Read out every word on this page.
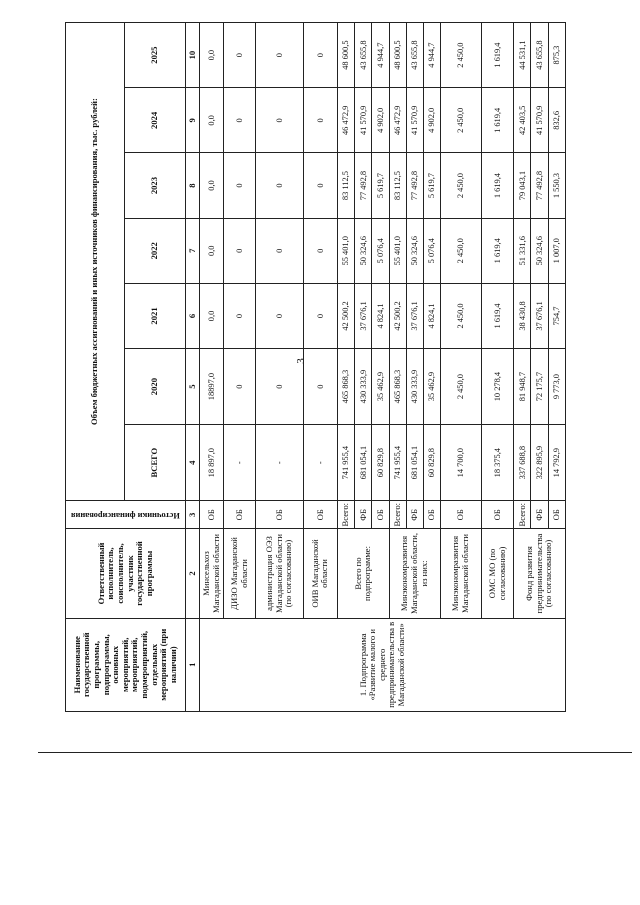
3
Наименование государственной программы, подпрограммы, основных мероприятий, мероприятий, подмероприятий, отдельных мероприятий (при наличии)	Ответственный исполнитель, соисполнитель, участник государственной программы	Источники финансирования	Объем бюджетных ассигнований и иных источников финансирования, тыс. рублей:						
			ВСЕГО	2020	2021	2022	2023	2024	2025
1	2	3	4	5	6	7	8	9	10
1. Подпрограмма «Развитие малого и среднего предпринимательства в Магаданской области»	Минсельхоз Магаданской области	ОБ	18 897,0	18897,0	0,0	0,0	0,0	0,0	0,0
	ДИЗО Магаданской области	ОБ	-	0	0	0	0	0	0
	администрация ОЭЗ Магаданской области (по согласованию)	ОБ	-	0	0	0	0	0	0
	ОИВ Магаданской области	ОБ	-	0	0	0	0	0	0
	Всего по подпрограмме:	Всего:	741 955,4	465 868,3	42 500,2	55 401,0	83 112,5	46 472,9	48 600,5
		ФБ	681 054,1	430 333,9	37 676,1	50 324,6	77 492,8	41 570,9	43 655,8
		ОБ	60 829,8	35 462,9	4 824,1	5 076,4	5 619,7	4 902,0	4 944,7
	Минэкономразвития Магаданской области, из них:	Всего:	741 955,4	465 868,3	42 500,2	55 401,0	83 112,5	46 472,9	48 600,5
		ФБ	681 054,1	430 333,9	37 676,1	50 324,6	77 492,8	41 570,9	43 655,8
		ОБ	60 829,8	35 462,9	4 824,1	5 076,4	5 619,7	4 902,0	4 944,7
	Минэкономразвития Магаданской области	ОБ	14 700,0	2 450,0	2 450,0	2 450,0	2 450,0	2 450,0	2 450,0
	ОМС МО (по согласованию)	ОБ	18 375,4	10 278,4	1 619,4	1 619,4	1 619,4	1 619,4	1 619,4
	Фонд развития предпринимательства (по согласованию)	Всего:	337 688,8	81 948,7	38 430,8	51 331,6	79 043,1	42 403,5	44 531,1
		ФБ	322 895,9	72 175,7	37 676,1	50 324,6	77 492,8	41 570,9	43 655,8
		ОБ	14 792,9	9 773,0	754,7	1 007,0	1 550,3	832,6	875,3
